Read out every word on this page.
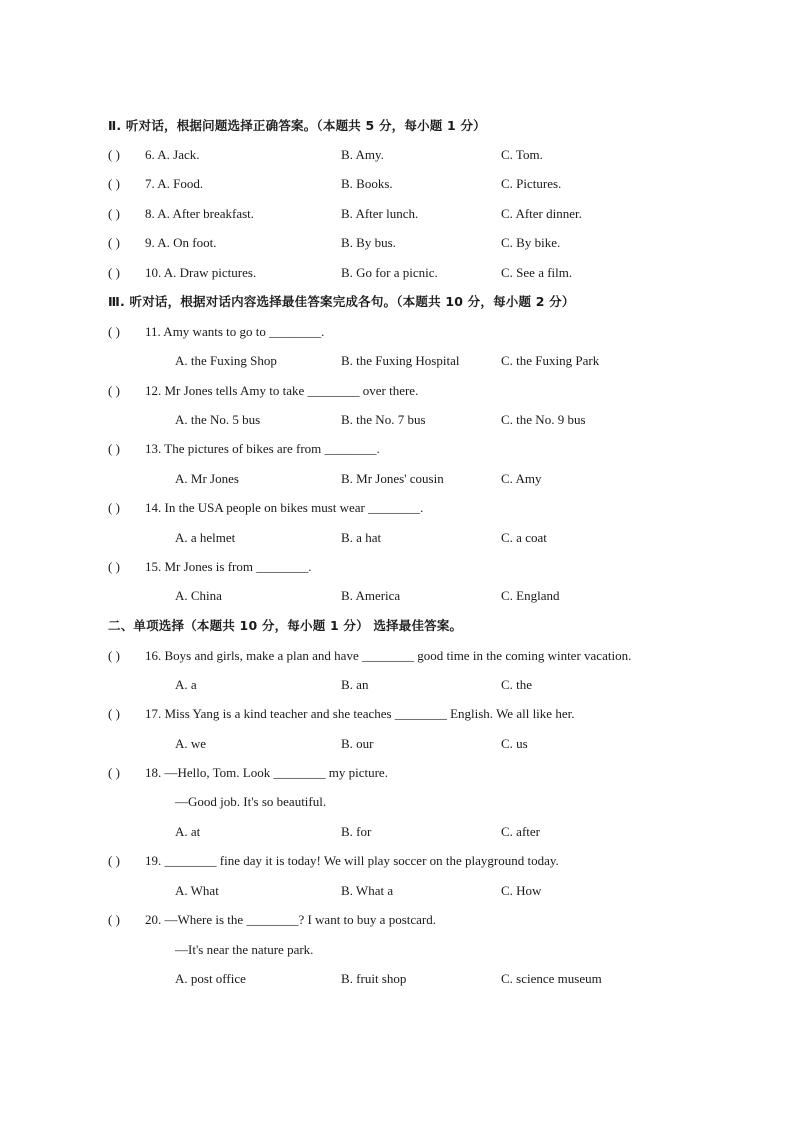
Ⅱ. 听对话，根据问题选择正确答案。（本题共 5 分，每小题 1 分）
( ) 6. A. Jack.	B. Amy.	C. Tom.
( ) 7. A. Food.	B. Books.	C. Pictures.
( ) 8. A. After breakfast.	B. After lunch.	C. After dinner.
( ) 9. A. On foot.	B. By bus.	C. By bike.
( ) 10. A. Draw pictures.	B. Go for a picnic.	C. See a film.
Ⅲ. 听对话，根据对话内容选择最佳答案完成各句。（本题共 10 分，每小题 2 分）
( ) 11. Amy wants to go to ________.
A. the Fuxing Shop	B. the Fuxing Hospital	C. the Fuxing Park
( ) 12. Mr Jones tells Amy to take ________ over there.
A. the No. 5 bus	B. the No. 7 bus	C. the No. 9 bus
( ) 13. The pictures of bikes are from ________.
A. Mr Jones	B. Mr Jones' cousin	C. Amy
( ) 14. In the USA people on bikes must wear ________.
A. a helmet	B. a hat	C. a coat
( ) 15. Mr Jones is from ________.
A. China	B. America	C. England
二、单项选择（本题共 10 分，每小题 1 分） 选择最佳答案。
( ) 16. Boys and girls, make a plan and have ________ good time in the coming winter vacation.
A. a	B. an	C. the
( ) 17. Miss Yang is a kind teacher and she teaches ________ English. We all like her.
A. we	B. our	C. us
( ) 18. —Hello, Tom. Look ________ my picture.
—Good job. It's so beautiful.
A. at	B. for	C. after
( ) 19. ________ fine day it is today! We will play soccer on the playground today.
A. What	B. What a	C. How
( ) 20. —Where is the ________? I want to buy a postcard.
—It's near the nature park.
A. post office	B. fruit shop	C. science museum
